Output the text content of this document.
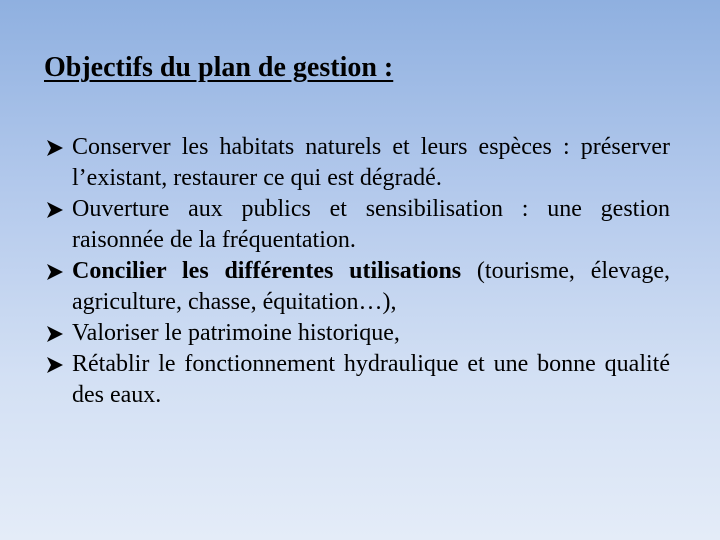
Objectifs du plan de gestion :
Conserver les habitats naturels et leurs espèces : préserver l’existant, restaurer ce qui est dégradé.
Ouverture aux publics et sensibilisation : une gestion raisonnée de la fréquentation.
Concilier les différentes utilisations (tourisme, élevage, agriculture, chasse, équitation…),
Valoriser le patrimoine historique,
Rétablir le fonctionnement hydraulique et une bonne qualité des eaux.
